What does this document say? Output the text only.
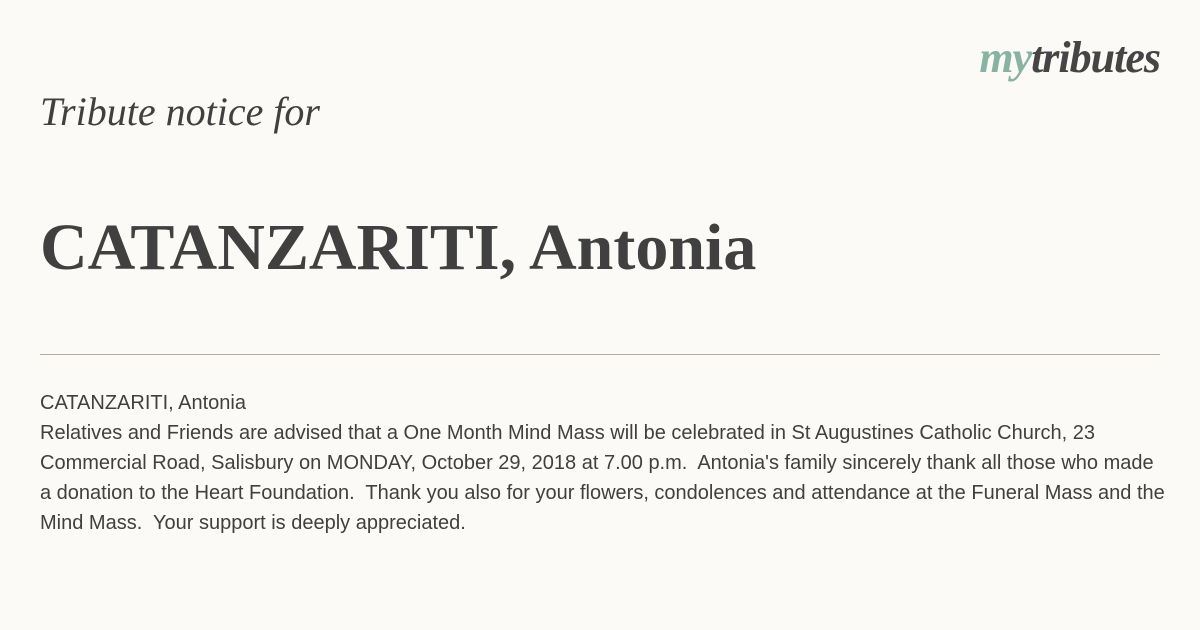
mytributes
Tribute notice for
CATANZARITI, Antonia

CATANZARITI, Antonia

Relatives and Friends are advised that a One Month Mind Mass will be celebrated in St Augustines Catholic Church, 23 Commercial Road, Salisbury on MONDAY, October 29, 2018 at 7.00 p.m.  Antonia's family sincerely thank all those who made a donation to the Heart Foundation.  Thank you also for your flowers, condolences and attendance at the Funeral Mass and the Mind Mass.  Your support is deeply appreciated.
